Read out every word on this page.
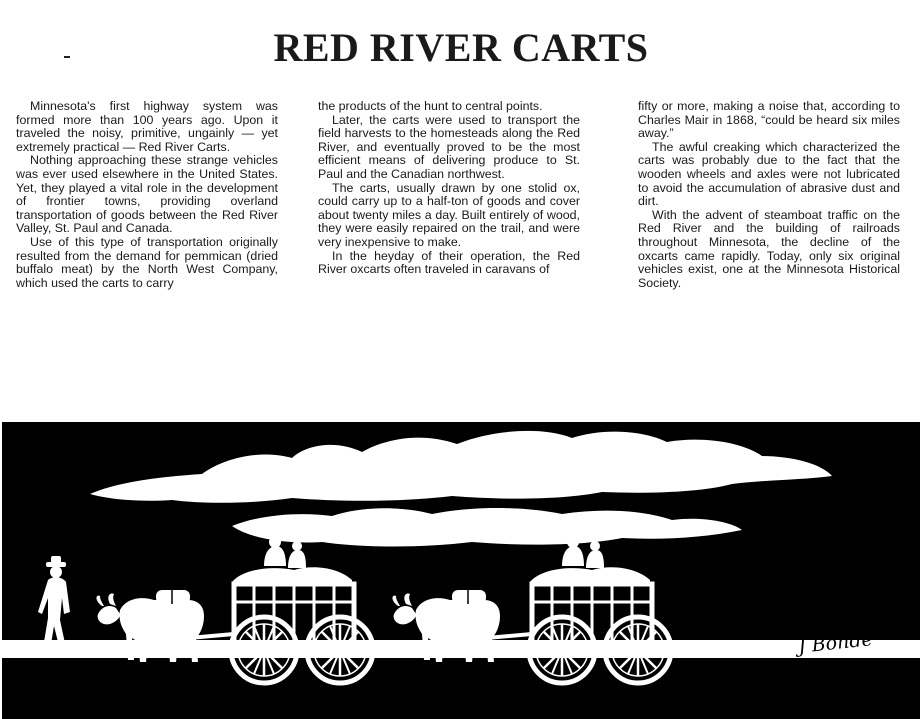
RED RIVER CARTS

Minnesota's first highway system was formed more than 100 years ago. Upon it traveled the noisy, primitive, ungainly — yet extremely practical — Red River Carts.

Nothing approaching these strange vehicles was ever used elsewhere in the United States. Yet, they played a vital role in the development of frontier towns, providing overland transportation of goods between the Red River Valley, St. Paul and Canada.

Use of this type of transportation originally resulted from the demand for pemmican (dried buffalo meat) by the North West Company, which used the carts to carry

the products of the hunt to central points.

Later, the carts were used to transport the field harvests to the homesteads along the Red River, and eventually proved to be the most efficient means of delivering produce to St. Paul and the Canadian northwest.

The carts, usually drawn by one stolid ox, could carry up to a half-ton of goods and cover about twenty miles a day. Built entirely of wood, they were easily repaired on the trail, and were very inexpensive to make.

In the heyday of their operation, the Red River oxcarts often traveled in caravans of

fifty or more, making a noise that, according to Charles Mair in 1868, “could be heard six miles away.”

The awful creaking which characterized the carts was probably due to the fact that the wooden wheels and axles were not lubricated to avoid the accumulation of abrasive dust and dirt.

With the advent of steamboat traffic on the Red River and the building of railroads throughout Minnesota, the decline of the oxcarts came rapidly. Today, only six original vehicles exist, one at the Minnesota Historical Society.

J Bonde
